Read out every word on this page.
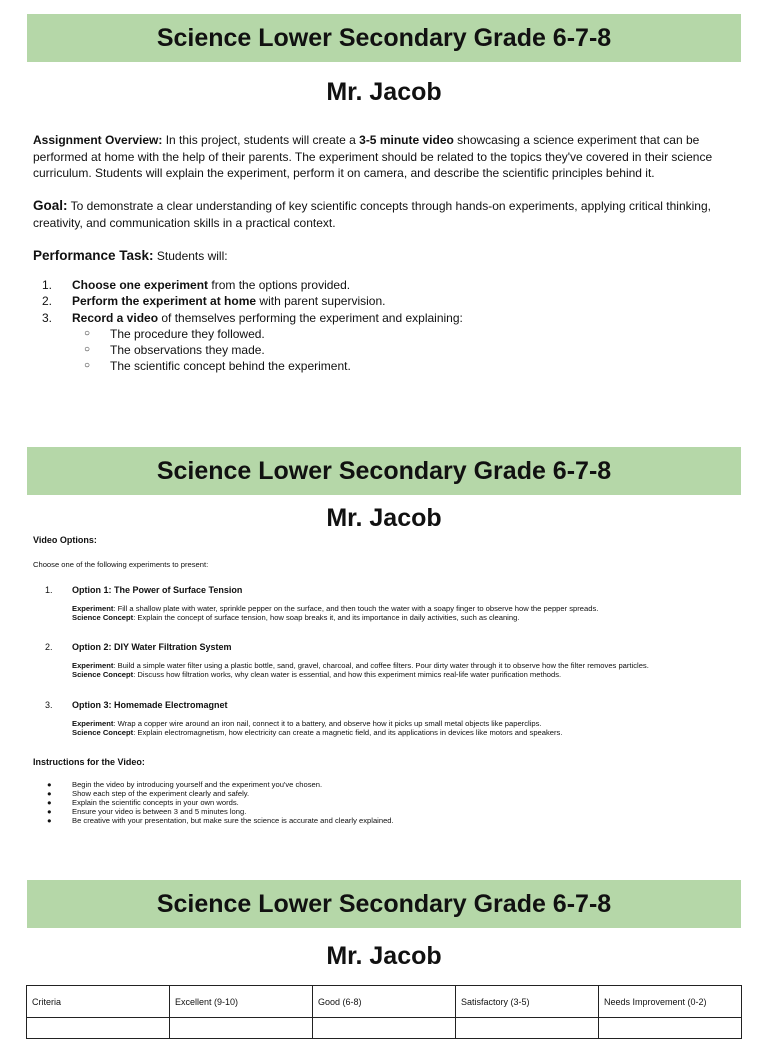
Science Lower Secondary Grade 6-7-8
Mr. Jacob
Assignment Overview: In this project, students will create a 3-5 minute video showcasing a science experiment that can be performed at home with the help of their parents. The experiment should be related to the topics they've covered in their science curriculum. Students will explain the experiment, perform it on camera, and describe the scientific principles behind it.
Goal: To demonstrate a clear understanding of key scientific concepts through hands-on experiments, applying critical thinking, creativity, and communication skills in a practical context.
Performance Task: Students will:
1. Choose one experiment from the options provided.
2. Perform the experiment at home with parent supervision.
3. Record a video of themselves performing the experiment and explaining:
○ The procedure they followed.
○ The observations they made.
○ The scientific concept behind the experiment.
Science Lower Secondary Grade 6-7-8
Mr. Jacob
Video Options:
Choose one of the following experiments to present:
1. Option 1: The Power of Surface Tension
Experiment: Fill a shallow plate with water, sprinkle pepper on the surface, and then touch the water with a soapy finger to observe how the pepper spreads.
Science Concept: Explain the concept of surface tension, how soap breaks it, and its importance in daily activities, such as cleaning.
2. Option 2: DIY Water Filtration System
Experiment: Build a simple water filter using a plastic bottle, sand, gravel, charcoal, and coffee filters. Pour dirty water through it to observe how the filter removes particles.
Science Concept: Discuss how filtration works, why clean water is essential, and how this experiment mimics real-life water purification methods.
3. Option 3: Homemade Electromagnet
Experiment: Wrap a copper wire around an iron nail, connect it to a battery, and observe how it picks up small metal objects like paperclips.
Science Concept: Explain electromagnetism, how electricity can create a magnetic field, and its applications in devices like motors and speakers.
Instructions for the Video:
●	Begin the video by introducing yourself and the experiment you've chosen.
●	Show each step of the experiment clearly and safely.
●	Explain the scientific concepts in your own words.
●	Ensure your video is between 3 and 5 minutes long.
●	Be creative with your presentation, but make sure the science is accurate and clearly explained.
Science Lower Secondary Grade 6-7-8
Mr. Jacob
Criteria	Excellent (9-10)	Good (6-8)	Satisfactory (3-5)	Needs Improvement (0-2)
